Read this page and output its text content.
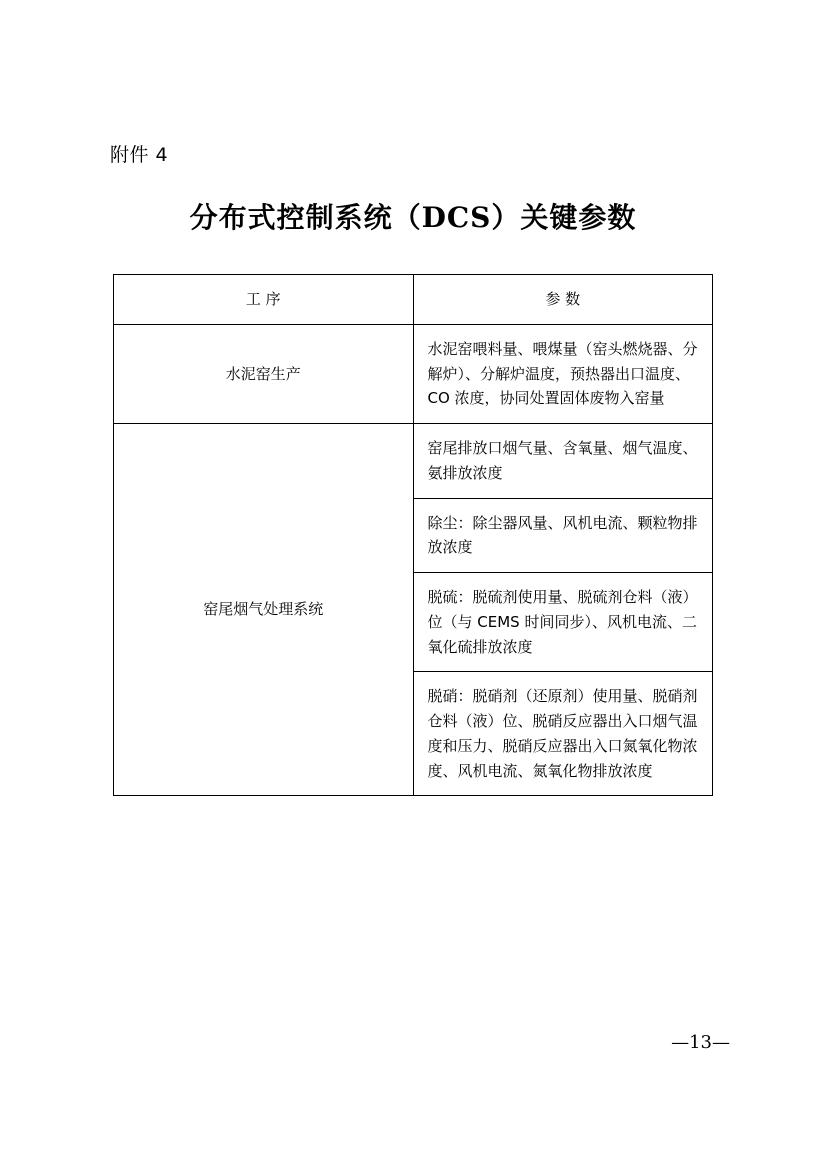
附件 4
分布式控制系统（DCS）关键参数
工 序	参 数
水泥窑生产	水泥窑喂料量、喂煤量（窑头燃烧器、分解炉）、分解炉温度，预热器出口温度、CO 浓度，协同处置固体废物入窑量
窑尾烟气处理系统	窑尾排放口烟气量、含氧量、烟气温度、氨排放浓度
	除尘：除尘器风量、风机电流、颗粒物排放浓度
	脱硫：脱硫剂使用量、脱硫剂仓料（液）位（与 CEMS 时间同步）、风机电流、二氧化硫排放浓度
	脱硝：脱硝剂（还原剂）使用量、脱硝剂仓料（液）位、脱硝反应器出入口烟气温度和压力、脱硝反应器出入口氮氧化物浓度、风机电流、氮氧化物排放浓度
—13—
